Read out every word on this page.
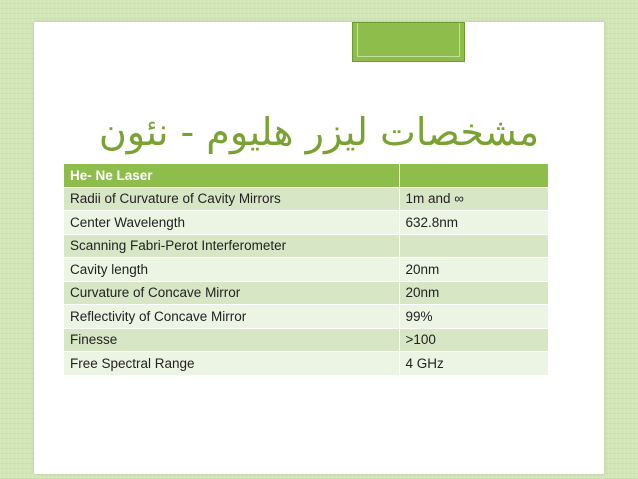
مشخصات ليزر هليوم - نئون
He- Ne Laser	
Radii of Curvature of Cavity Mirrors	1m and ∞
Center Wavelength	632.8nm
Scanning Fabri-Perot Interferometer	
Cavity length	20nm
Curvature of Concave Mirror	20nm
Reflectivity of Concave Mirror	99%
Finesse	>100
Free Spectral Range	4 GHz
